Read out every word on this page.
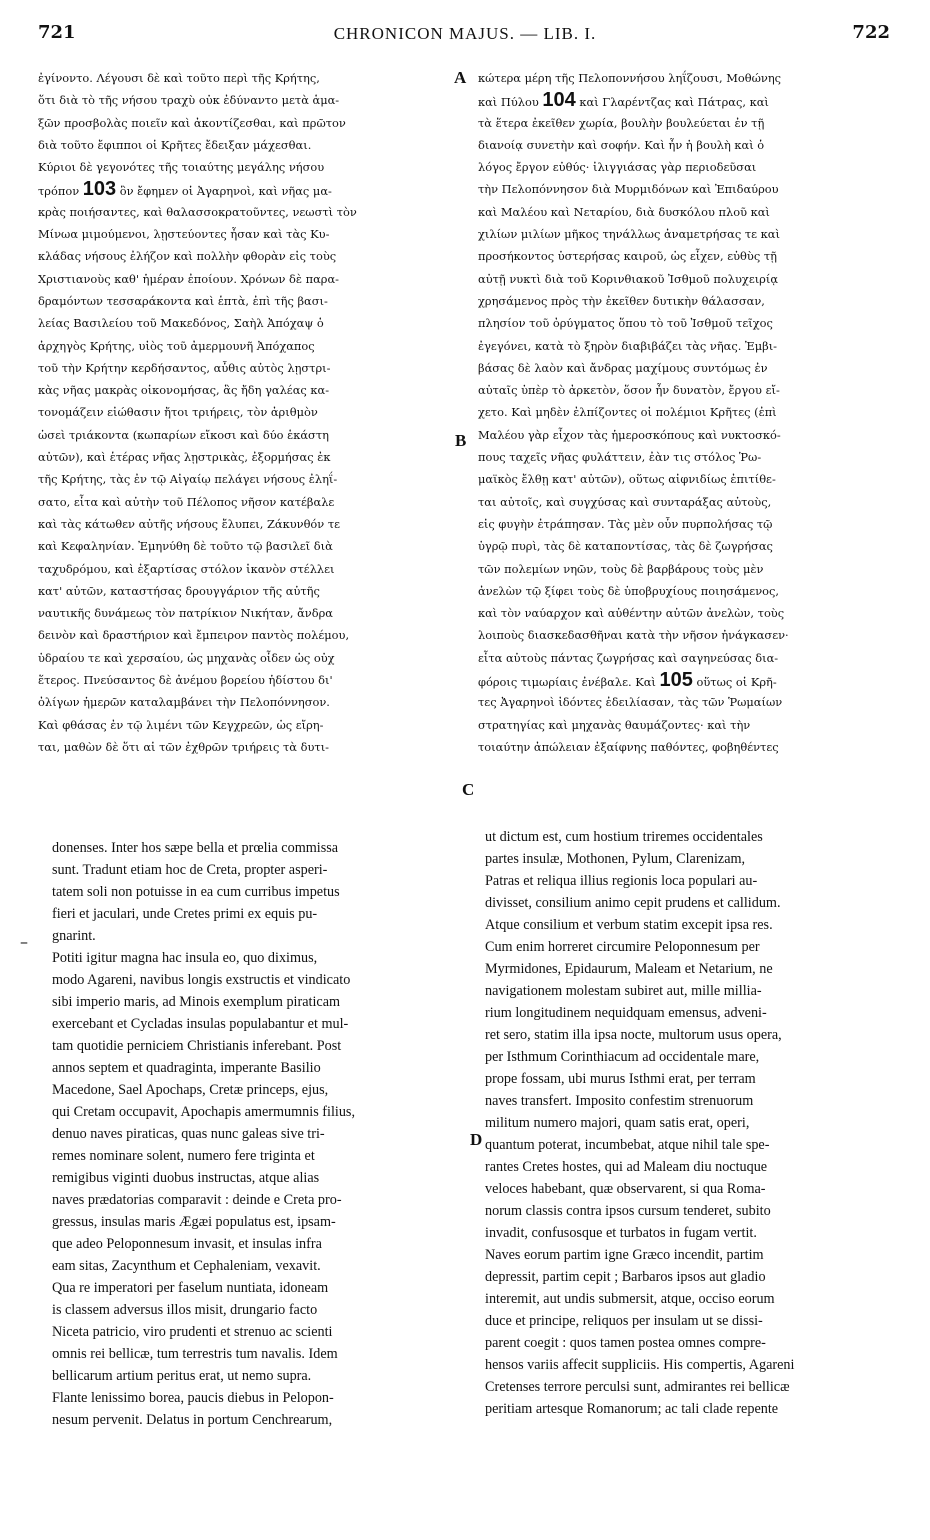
721	CHRONICON MAJUS. — LIB. I.	722
A
B
C
D
–
ἐγίνοντο. Λέγουσι δὲ καὶ τοῦτο περὶ τῆς Κρήτης,
ὅτι διὰ τὸ τῆς νήσου τραχὺ οὐκ ἐδύναντο μετὰ ἁμα-
ξῶν προσβολὰς ποιεῖν καὶ ἀκοντίζεσθαι, καὶ πρῶτον
διὰ τοῦτο ἔφιπποι οἱ Κρῆτες ἔδειξαν μάχεσθαι.
Κύριοι δὲ γεγονότες τῆς τοιαύτης μεγάλης νήσου
τρόπον 103 ὃν ἔφημεν οἱ Ἀγαρηνοὶ, καὶ νῆας μα-
κρὰς ποιήσαντες, καὶ θαλασσοκρατοῦντες, νεωστὶ τὸν
Μίνωα μιμούμενοι, λῃστεύοντες ἦσαν καὶ τὰς Κυ-
κλάδας νήσους ἐλήζον καὶ πολλὴν φθορὰν εἰς τοὺς
Χριστιανοὺς καθ' ἡμέραν ἐποίουν. Χρόνων δὲ παρα-
δραμόντων τεσσαράκοντα καὶ ἑπτὰ, ἐπὶ τῆς βασι-
λείας Βασιλείου τοῦ Μακεδόνος, Σαὴλ Ἀπόχαψ ὁ
ἀρχηγὸς Κρήτης, υἱὸς τοῦ ἀμερμουνῆ Ἀπόχαπος
τοῦ τὴν Κρήτην κερδήσαντος, αὖθις αὐτὸς λῃστρι-
κὰς νῆας μακρὰς οἰκονομήσας, ἃς ἤδη γαλέας κα-
τονομάζειν εἰώθασιν ἤτοι τριήρεις, τὸν ἀριθμὸν
ὡσεὶ τριάκοντα (κωπαρίων εἴκοσι καὶ δύο ἑκάστη
αὐτῶν), καὶ ἑτέρας νῆας λῃστρικὰς, ἐξορμήσας ἐκ
τῆς Κρήτης, τὰς ἐν τῷ Αἰγαίῳ πελάγει νήσους ἐληΐ-
σατο, εἶτα καὶ αὐτὴν τοῦ Πέλοπος νῆσον κατέβαλε
καὶ τὰς κάτωθεν αὐτῆς νήσους ἔλυπει, Ζάκυνθόν τε
καὶ Κεφαληνίαν. Ἐμηνύθη δὲ τοῦτο τῷ βασιλεῖ διὰ
ταχυδρόμου, καὶ ἐξαρτίσας στόλον ἱκανὸν στέλλει
κατ' αὐτῶν, καταστήσας δρουγγάριον τῆς αὐτῆς
ναυτικῆς δυνάμεως τὸν πατρίκιον Νικήταν, ἄνδρα
δεινὸν καὶ δραστήριον καὶ ἔμπειρον παντὸς πολέμου,
ὑδραίου τε καὶ χερσαίου, ὡς μηχανὰς οἶδεν ὡς οὐχ
ἕτερος. Πνεύσαντος δὲ ἀνέμου βορείου ἡδίστου δι'
ὀλίγων ἡμερῶν καταλαμβάνει τὴν Πελοπόννησον.
Καὶ φθάσας ἐν τῷ λιμένι τῶν Κεγχρεῶν, ὡς εἴρη-
ται, μαθὼν δὲ ὅτι αἱ τῶν ἐχθρῶν τριήρεις τὰ δυτι-
κώτερα μέρη τῆς Πελοποννήσου ληΐζουσι, Μοθώνης
καὶ Πύλου 104 καὶ Γλαρέντζας καὶ Πάτρας, καὶ
τὰ ἕτερα ἐκεῖθεν χωρία, βουλὴν βουλεύεται ἐν τῇ
διανοίᾳ συνετὴν καὶ σοφήν. Καὶ ἦν ἡ βουλὴ καὶ ὁ
λόγος ἔργον εὐθύς· ἰλιγγιάσας γὰρ περιοδεῦσαι
τὴν Πελοπόννησον διὰ Μυρμιδόνων καὶ Ἐπιδαύρου
καὶ Μαλέου καὶ Νεταρίου, διὰ δυσκόλου πλοῦ καὶ
χιλίων μιλίων μῆκος τηνάλλως ἀναμετρήσας τε καὶ
προσήκοντος ὑστερήσας καιροῦ, ὡς εἶχεν, εὐθὺς τῇ
αὐτῇ νυκτὶ διὰ τοῦ Κορινθιακοῦ Ἰσθμοῦ πολυχειρίᾳ
χρησάμενος πρὸς τὴν ἐκεῖθεν δυτικὴν θάλασσαν,
πλησίον τοῦ ὀρύγματος ὅπου τὸ τοῦ Ἰσθμοῦ τεῖχος
ἐγεγόνει, κατὰ τὸ ξηρὸν διαβιβάζει τὰς νῆας. Ἐμβι-
βάσας δὲ λαὸν καὶ ἄνδρας μαχίμους συντόμως ἐν
αὐταῖς ὑπὲρ τὸ ἀρκετὸν, ὅσον ἦν δυνατὸν, ἔργου εἴ-
χετο. Καὶ μηδὲν ἐλπίζοντες οἱ πολέμιοι Κρῆτες (ἐπὶ
Μαλέου γὰρ εἶχον τὰς ἡμεροσκόπους καὶ νυκτοσκό-
πους ταχεῖς νῆας φυλάττειν, ἐὰν τις στόλος Ῥω-
μαϊκὸς ἔλθῃ κατ' αὐτῶν), οὕτως αἰφνιδίως ἐπιτίθε-
ται αὐτοῖς, καὶ συγχύσας καὶ συνταράξας αὐτοὺς,
εἰς φυγὴν ἐτράπησαν. Τὰς μὲν οὖν πυρπολήσας τῷ
ὑγρῷ πυρὶ, τὰς δὲ καταποντίσας, τὰς δὲ ζωγρήσας
τῶν πολεμίων νηῶν, τοὺς δὲ βαρβάρους τοὺς μὲν
ἀνελὼν τῷ ξίφει τοὺς δὲ ὑποβρυχίους ποιησάμενος,
καὶ τὸν ναύαρχον καὶ αὐθέντην αὐτῶν ἀνελὼν, τοὺς
λοιποὺς διασκεδασθῆναι κατὰ τὴν νῆσον ἠνάγκασεν·
εἶτα αὐτοὺς πάντας ζωγρήσας καὶ σαγηνεύσας δια-
φόροις τιμωρίαις ἐνέβαλε. Καὶ 105 οὕτως οἱ Κρῆ-
τες Ἀγαρηνοὶ ἰδόντες ἐδειλίασαν, τὰς τῶν Ῥωμαίων
στρατηγίας καὶ μηχανὰς θαυμάζοντες· καὶ τὴν
τοιαύτην ἀπώλειαν ἐξαίφνης παθόντες, φοβηθέντες
donenses. Inter hos sæpe bella et prœlia commissa
sunt. Tradunt etiam hoc de Creta, propter asperi-
tatem soli non potuisse in ea cum curribus impetus
fieri et jaculari, unde Cretes primi ex equis pu-
gnarint.
Potiti igitur magna hac insula eo, quo diximus,
modo Agareni, navibus longis exstructis et vindicato
sibi imperio maris, ad Minois exemplum piraticam
exercebant et Cycladas insulas populabantur et mul-
tam quotidie perniciem Christianis inferebant. Post
annos septem et quadraginta, imperante Basilio
Macedone, Sael Apochaps, Cretæ princeps, ejus,
qui Cretam occupavit, Apochapis amermumnis filius,
denuo naves piraticas, quas nunc galeas sive tri-
remes nominare solent, numero fere triginta et
remigibus viginti duobus instructas, atque alias
naves prædatorias comparavit : deinde e Creta pro-
gressus, insulas maris Ægæi populatus est, ipsam-
que adeo Peloponnesum invasit, et insulas infra
eam sitas, Zacynthum et Cephaleniam, vexavit.
Qua re imperatori per faselum nuntiata, idoneam
is classem adversus illos misit, drungario facto
Niceta patricio, viro prudenti et strenuo ac scienti
omnis rei bellicæ, tum terrestris tum navalis. Idem
bellicarum artium peritus erat, ut nemo supra.
Flante lenissimo borea, paucis diebus in Pelopon-
nesum pervenit. Delatus in portum Cenchrearum,
ut dictum est, cum hostium triremes occidentales
partes insulæ, Mothonen, Pylum, Clarenizam,
Patras et reliqua illius regionis loca populari au-
divisset, consilium animo cepit prudens et callidum.
Atque consilium et verbum statim excepit ipsa res.
Cum enim horreret circumire Peloponnesum per
Myrmidones, Epidaurum, Maleam et Netarium, ne
navigationem molestam subiret aut, mille millia-
rium longitudinem nequidquam emensus, adveni-
ret sero, statim illa ipsa nocte, multorum usus opera,
per Isthmum Corinthiacum ad occidentale mare,
prope fossam, ubi murus Isthmi erat, per terram
naves transfert. Imposito confestim strenuorum
militum numero majori, quam satis erat, operi,
quantum poterat, incumbebat, atque nihil tale spe-
rantes Cretes hostes, qui ad Maleam diu noctuque
veloces habebant, quæ observarent, si qua Roma-
norum classis contra ipsos cursum tenderet, subito
invadit, confusosque et turbatos in fugam vertit.
Naves eorum partim igne Græco incendit, partim
depressit, partim cepit ; Barbaros ipsos aut gladio
interemit, aut undis submersit, atque, occiso eorum
duce et principe, reliquos per insulam ut se dissi-
parent coegit : quos tamen postea omnes compre-
hensos variis affecit suppliciis. His compertis, Agareni
Cretenses terrore perculsi sunt, admirantes rei bellicæ
peritiam artesque Romanorum; ac tali clade repente
